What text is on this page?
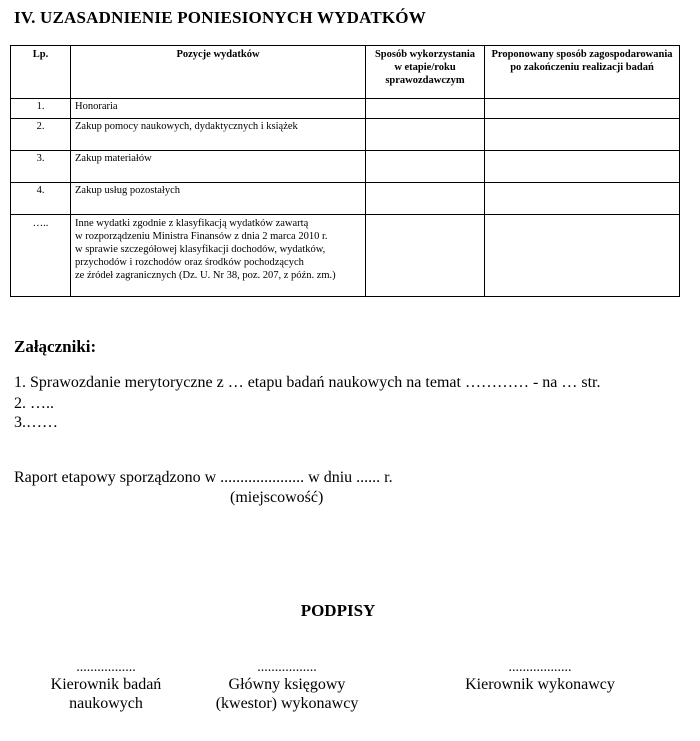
IV. UZASADNIENIE PONIESIONYCH WYDATKÓW
Lp.	Pozycje wydatków	Sposób wykorzystania w etapie/roku sprawozdawczym	Proponowany sposób zagospodarowania po zakończeniu realizacji badań
1.	Honoraria		
2.	Zakup pomocy naukowych, dydaktycznych i książek		
3.	Zakup materiałów		
4.	Zakup usług pozostałych		
…..	Inne wydatki zgodnie z klasyfikacją wydatków zawartą
w rozporządzeniu Ministra Finansów z dnia 2 marca 2010 r.
w sprawie szczegółowej klasyfikacji dochodów, wydatków,
przychodów i rozchodów oraz środków pochodzących
ze źródeł zagranicznych (Dz. U. Nr 38, poz. 207, z późn. zm.)		
Załączniki:
1. Sprawozdanie merytoryczne z … etapu badań naukowych na temat ………… - na … str.
2. …..
3.……
Raport etapowy sporządzono w ..................... w dniu ...... r.
(miejscowość)
PODPISY
.................
Kierownik badań
naukowych
.................
Główny księgowy
(kwestor) wykonawcy
..................
Kierownik wykonawcy
